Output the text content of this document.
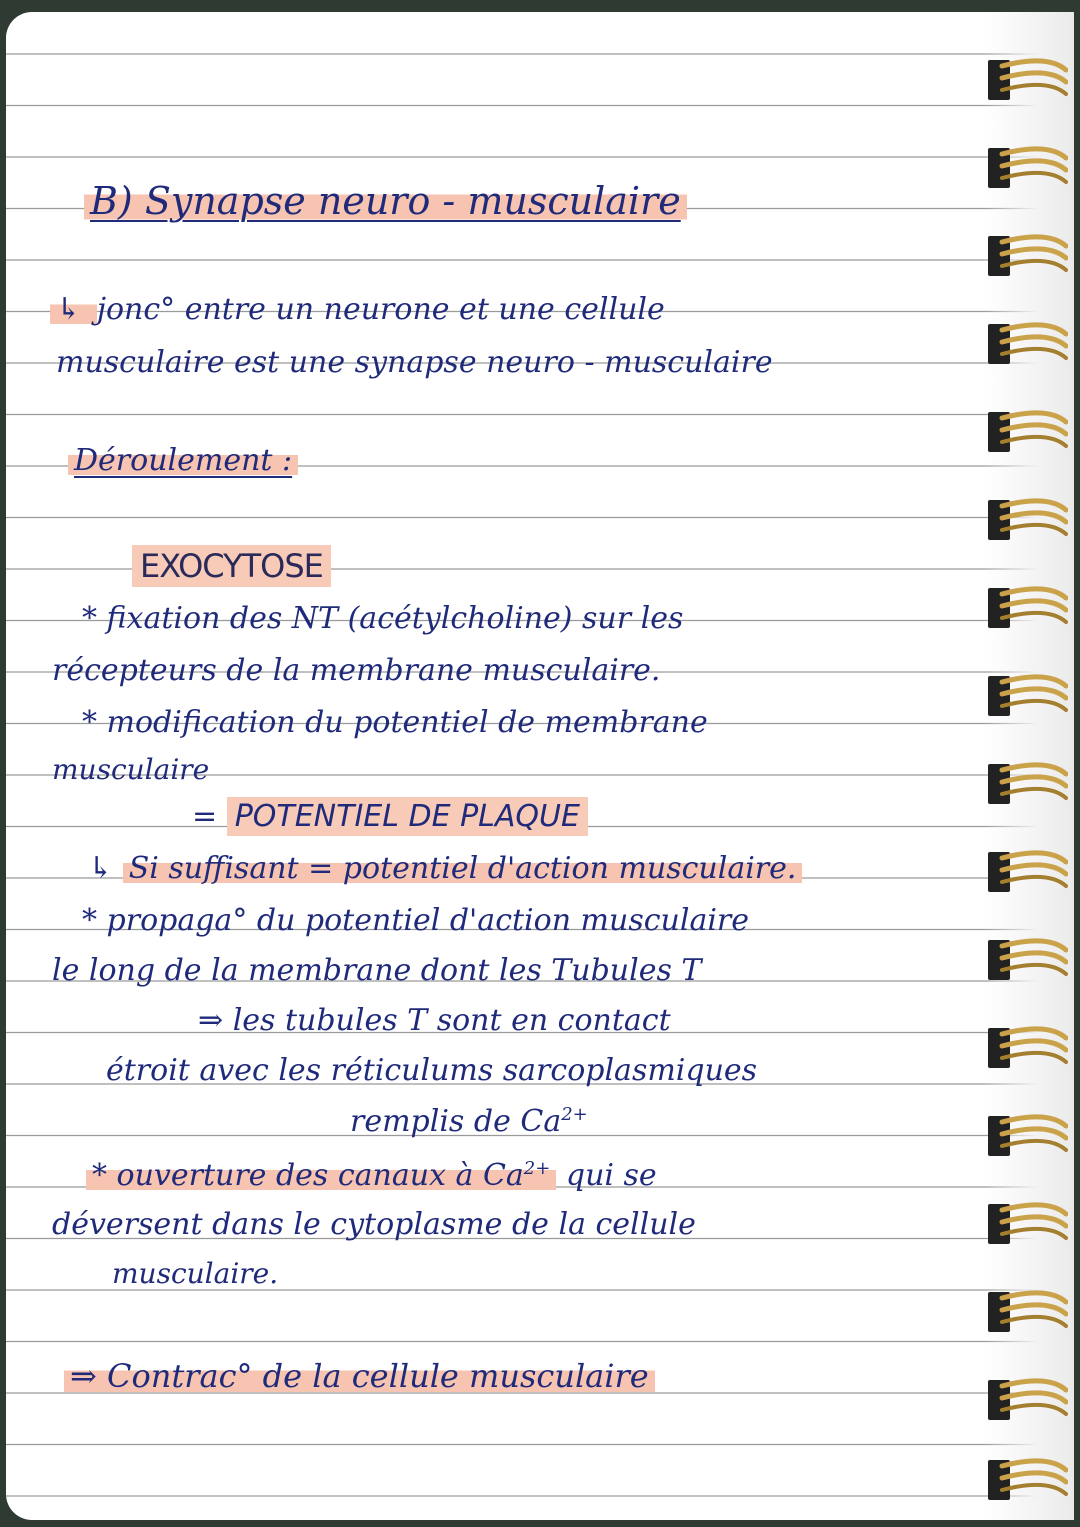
B) Synapse neuro - musculaire
↳ jonc° entre un neurone et une cellule
musculaire est une synapse neuro - musculaire
Déroulement :
EXOCYTOSE
* fixation des NT (acétylcholine) sur les
récepteurs de la membrane musculaire.
* modification du potentiel de membrane
musculaire
= POTENTIEL DE PLAQUE
↳ Si suffisant = potentiel d'action musculaire.
* propaga° du potentiel d'action musculaire
le long de la membrane dont les Tubules T
⇒ les tubules T sont en contact
étroit avec les réticulums sarcoplasmiques
remplis de $Ca^{2+}$
* ouverture des canaux à $Ca^{2+}$ qui se
déversent dans le cytoplasme de la cellule
musculaire.
⇒ Contrac° de la cellule musculaire
